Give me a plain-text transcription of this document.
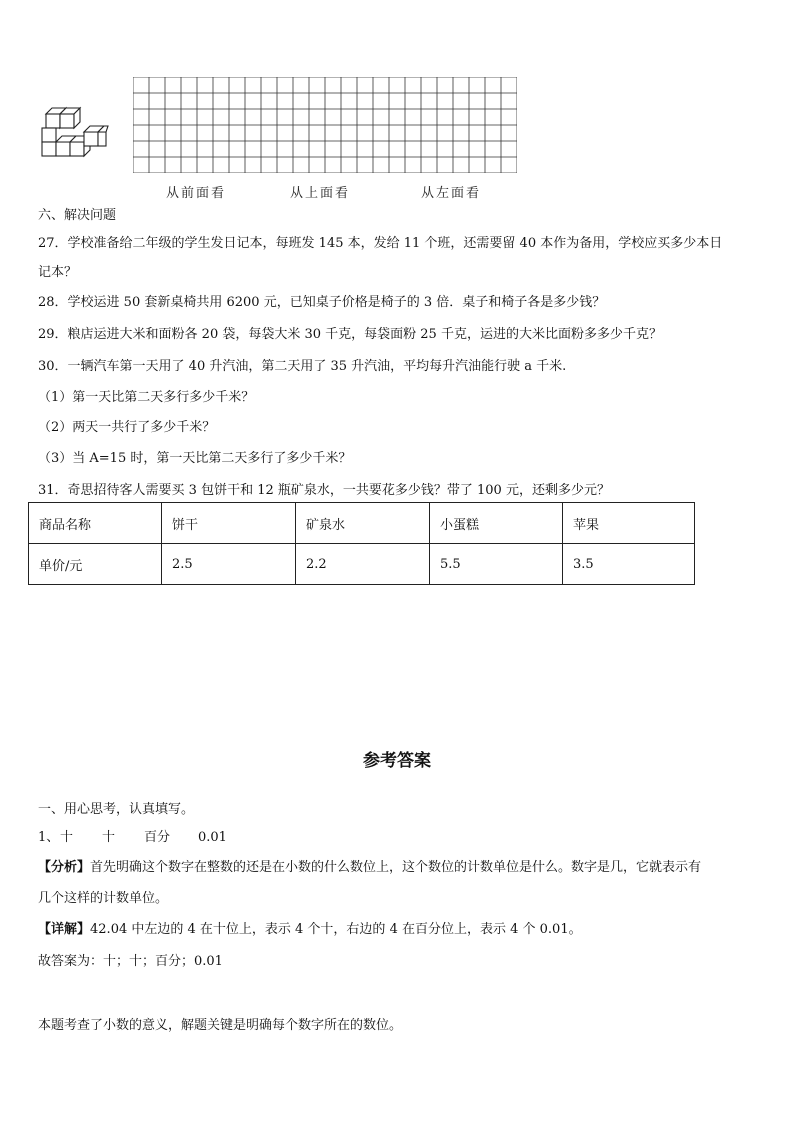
从前面看	从上面看	从左面看
六、解决问题
27．学校准备给二年级的学生发日记本，每班发 145 本，发给 11 个班，还需要留 40 本作为备用，学校应买多少本日
记本？
28．学校运进 50 套新桌椅共用 6200 元，已知桌子价格是椅子的 3 倍．桌子和椅子各是多少钱？
29．粮店运进大米和面粉各 20 袋，每袋大米 30 千克，每袋面粉 25 千克，运进的大米比面粉多多少千克？
30．一辆汽车第一天用了 40 升汽油，第二天用了 35 升汽油，平均每升汽油能行驶 a 千米.
（1）第一天比第二天多行多少千米？
（2）两天一共行了多少千米？
（3）当 A=15 时，第一天比第二天多行了多少千米？
31．奇思招待客人需要买 3 包饼干和 12 瓶矿泉水，一共要花多少钱？带了 100 元，还剩多少元？
商品名称	饼干	矿泉水	小蛋糕	苹果
单价/元	2.5	2.2	5.5	3.5
参考答案
一、用心思考，认真填写。
1、十 十 百分 0.01
【分析】首先明确这个数字在整数的还是在小数的什么数位上，这个数位的计数单位是什么。数字是几，它就表示有
几个这样的计数单位。
【详解】42.04 中左边的 4 在十位上，表示 4 个十，右边的 4 在百分位上，表示 4 个 0.01。
故答案为：十；十；百分；0.01
本题考查了小数的意义，解题关键是明确每个数字所在的数位。
